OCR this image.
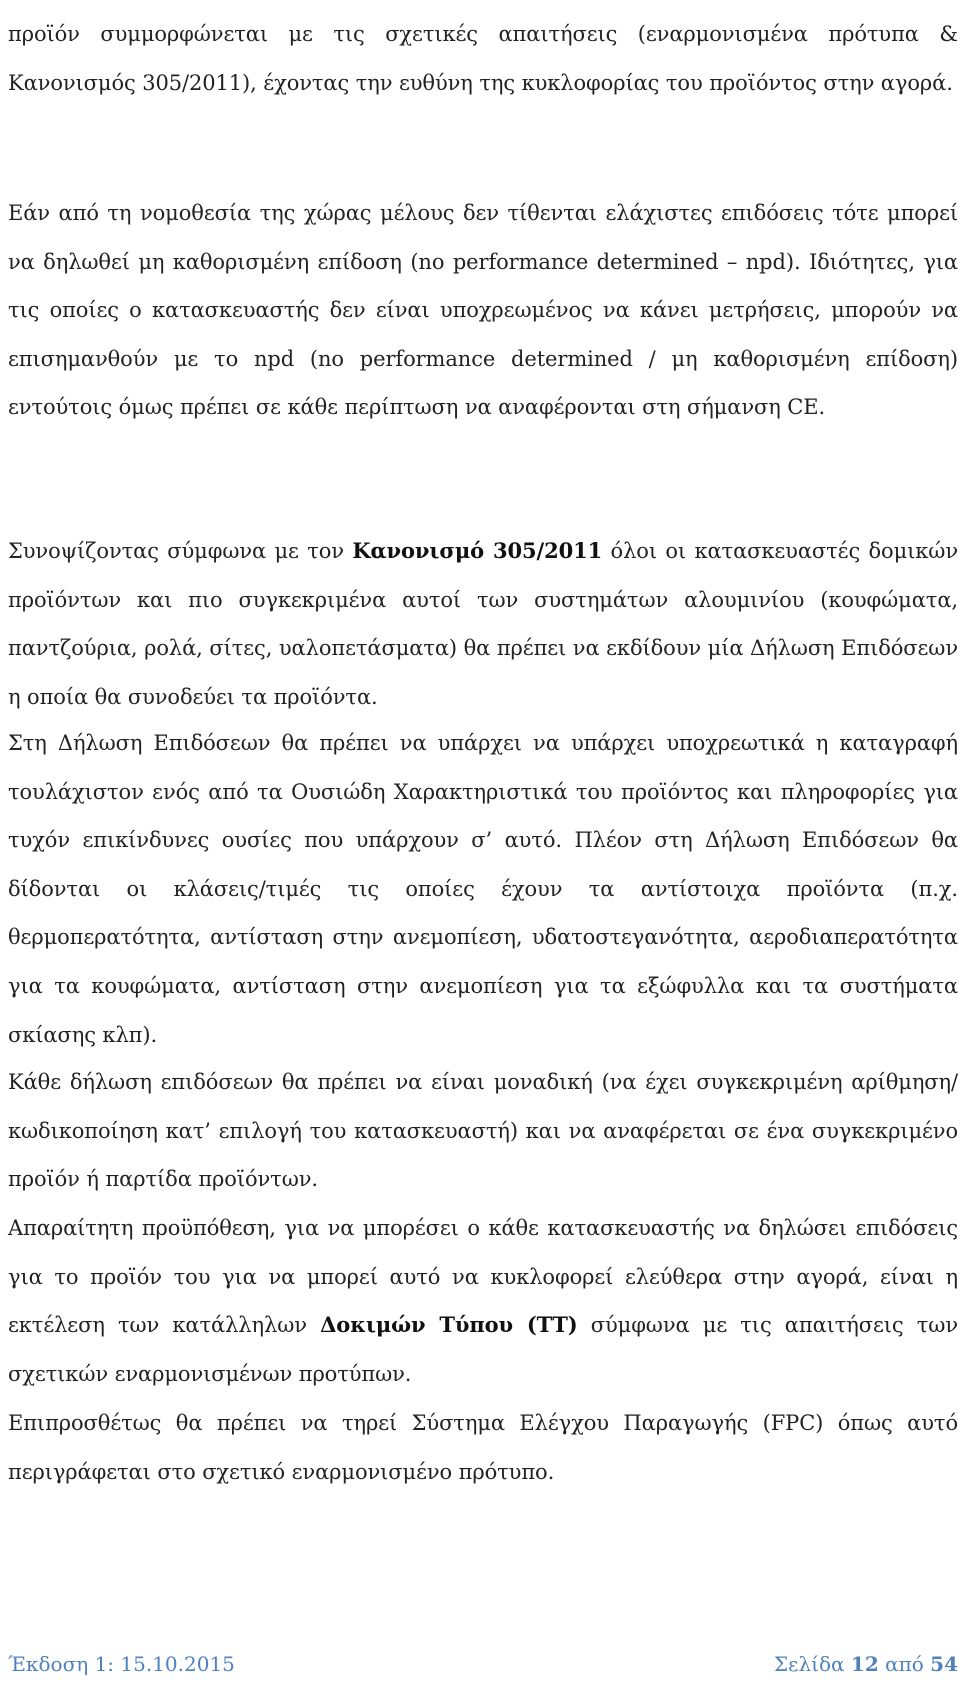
προϊόν συμμορφώνεται με τις σχετικές απαιτήσεις (εναρμονισμένα πρότυπα & Κανονισμός 305/2011), έχοντας την ευθύνη της κυκλοφορίας του προϊόντος στην αγορά.

Εάν από τη νομοθεσία της χώρας μέλους δεν τίθενται ελάχιστες επιδόσεις τότε μπορεί να δηλωθεί μη καθορισμένη επίδοση (no performance determined – npd). Ιδιότητες, για τις οποίες ο κατασκευαστής δεν είναι υποχρεωμένος να κάνει μετρήσεις, μπορούν να επισημανθούν με το npd (no performance determined / μη καθορισμένη επίδοση) εντούτοις όμως πρέπει σε κάθε περίπτωση να αναφέρονται στη σήμανση CE.

Συνοψίζοντας σύμφωνα με τον Κανονισμό 305/2011 όλοι οι κατασκευαστές δομικών προϊόντων και πιο συγκεκριμένα αυτοί των συστημάτων αλουμινίου (κουφώματα, παντζούρια, ρολά, σίτες, υαλοπετάσματα) θα πρέπει να εκδίδουν μία Δήλωση Επιδόσεων η οποία θα συνοδεύει τα προϊόντα.

Στη Δήλωση Επιδόσεων θα πρέπει να υπάρχει να υπάρχει υποχρεωτικά η καταγραφή τουλάχιστον ενός από τα Ουσιώδη Χαρακτηριστικά του προϊόντος και πληροφορίες για τυχόν επικίνδυνες ουσίες που υπάρχουν σ’ αυτό. Πλέον στη Δήλωση Επιδόσεων θα δίδονται οι κλάσεις/τιμές τις οποίες έχουν τα αντίστοιχα προϊόντα (π.χ. θερμοπερατότητα, αντίσταση στην ανεμοπίεση, υδατοστεγανότητα, αεροδιαπερατότητα για τα κουφώματα, αντίσταση στην ανεμοπίεση για τα εξώφυλλα και τα συστήματα σκίασης κλπ).

Κάθε δήλωση επιδόσεων θα πρέπει να είναι μοναδική (να έχει συγκεκριμένη αρίθμηση/κωδικοποίηση κατ’ επιλογή του κατασκευαστή) και να αναφέρεται σε ένα συγκεκριμένο προϊόν ή παρτίδα προϊόντων.

Απαραίτητη προϋπόθεση, για να μπορέσει ο κάθε κατασκευαστής να δηλώσει επιδόσεις για το προϊόν του για να μπορεί αυτό να κυκλοφορεί ελεύθερα στην αγορά, είναι η εκτέλεση των κατάλληλων Δοκιμών Τύπου (ΤΤ) σύμφωνα με τις απαιτήσεις των σχετικών εναρμονισμένων προτύπων.

Επιπροσθέτως θα πρέπει να τηρεί Σύστημα Ελέγχου Παραγωγής (FPC) όπως αυτό περιγράφεται στο σχετικό εναρμονισμένο πρότυπο.

Έκδοση 1: 15.10.2015	Σελίδα 12 από 54
